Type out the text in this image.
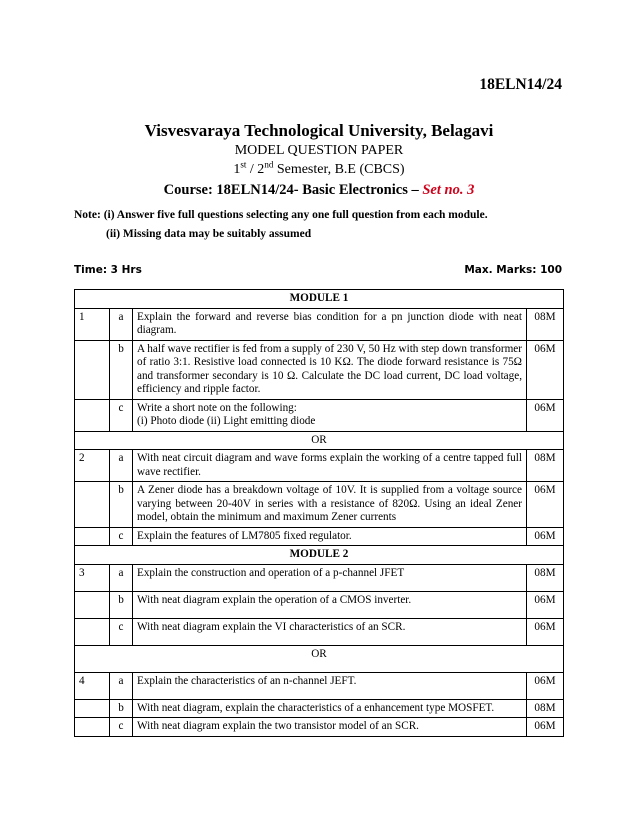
18ELN14/24
Visvesvaraya Technological University, Belagavi
MODEL QUESTION PAPER
1st / 2nd Semester, B.E (CBCS)
Course: 18ELN14/24- Basic Electronics – Set no. 3
Note: (i) Answer five full questions selecting any one full question from each module.
(ii) Missing data may be suitably assumed
Time: 3 Hrs	Max. Marks: 100
MODULE 1			
1	a	Explain the forward and reverse bias condition for a pn junction diode with neat diagram.	08M
	b	A half wave rectifier is fed from a supply of 230 V, 50 Hz with step down transformer of ratio 3:1. Resistive load connected is 10 KΩ. The diode forward resistance is 75Ω and transformer secondary is 10 Ω. Calculate the DC load current, DC load voltage, efficiency and ripple factor.	06M
	c	Write a short note on the following:
(i) Photo diode (ii) Light emitting diode	06M
OR			
2	a	With neat circuit diagram and wave forms explain the working of a centre tapped full wave rectifier.	08M
	b	A Zener diode has a breakdown voltage of 10V. It is supplied from a voltage source varying between 20-40V in series with a resistance of 820Ω. Using an ideal Zener model, obtain the minimum and maximum Zener currents	06M
	c	Explain the features of LM7805 fixed regulator.	06M
MODULE 2			
3	a	Explain the construction and operation of a p-channel JFET	08M
	b	With neat diagram explain the operation of a CMOS inverter.	06M
	c	With neat diagram explain the VI characteristics of an SCR.	06M
OR			
4	a	Explain the characteristics of an n-channel JEFT.	06M
	b	With neat diagram, explain the characteristics of a enhancement type MOSFET.	08M
	c	With neat diagram explain the two transistor model of an SCR.	06M
